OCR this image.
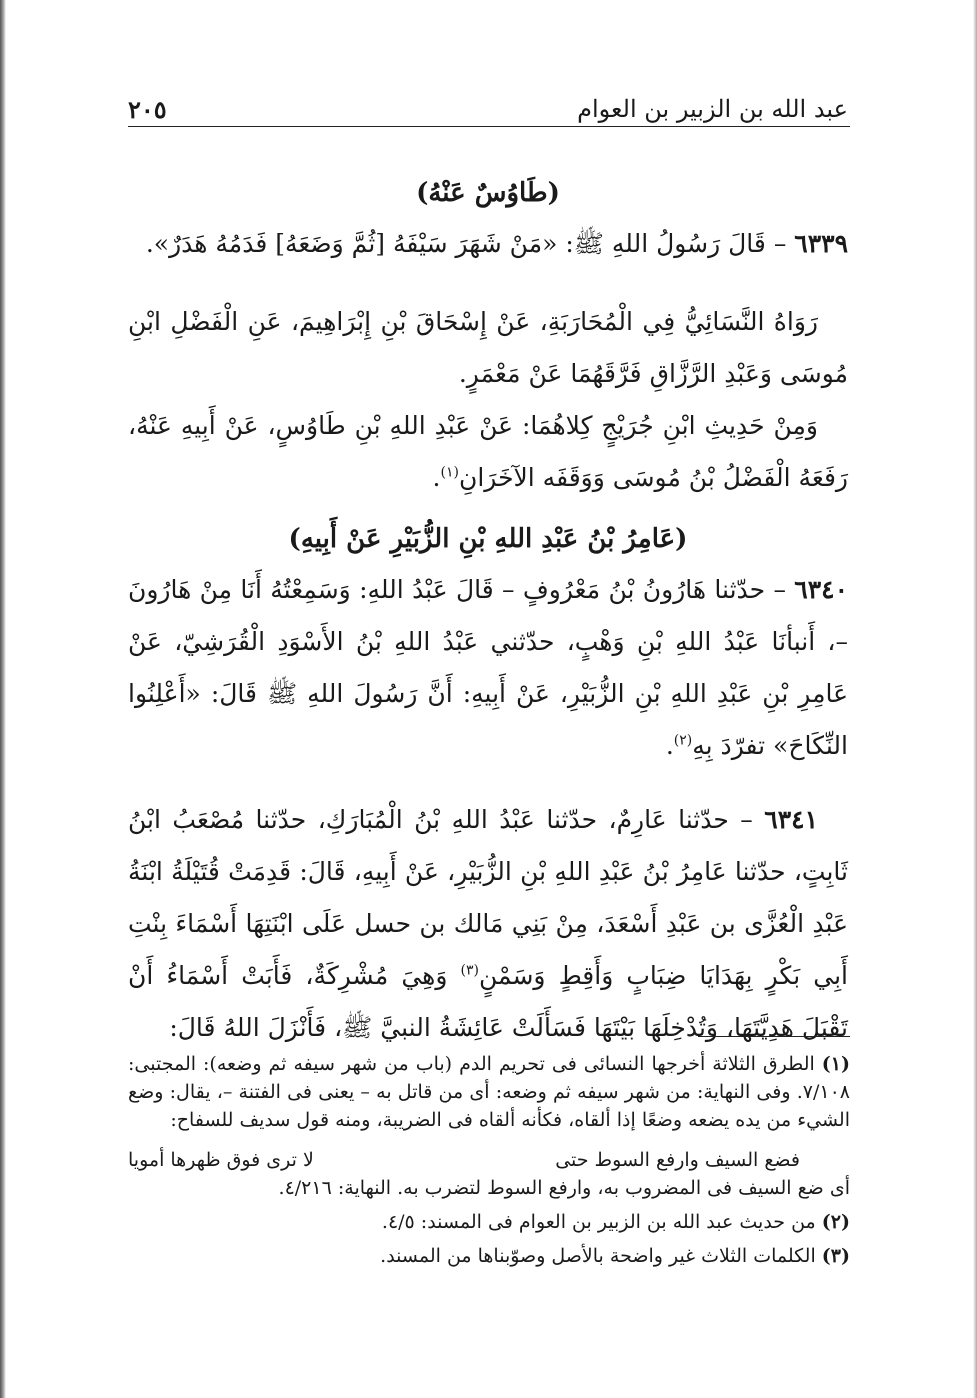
عبد الله بن الزبير بن العوام
٢٠٥
(طَاوُسٌ عَنْهُ)
٦٣٣٩ – قَالَ رَسُولُ اللهِ ﷺ: «مَنْ شَهَرَ سَيْفَهُ [ثُمَّ وَضَعَهُ] فَدَمُهُ هَدَرٌ».
رَوَاهُ النَّسَائِيُّ فِي الْمُحَارَبَةِ، عَنْ إِسْحَاقَ بْنِ إِبْرَاهِيمَ، عَنِ الْفَضْلِ ابْنِ مُوسَى وَعَبْدِ الرَّزَّاقِ فَرَّقَهُمَا عَنْ مَعْمَرٍ.
وَمِنْ حَدِيثِ ابْنِ جُرَيْجٍ كِلاهُمَا: عَنْ عَبْدِ اللهِ بْنِ طَاوُسٍ، عَنْ أَبِيهِ عَنْهُ، رَفَعَهُ الْفَضْلُ بْنُ مُوسَى وَوَقَفَه الآخَرَانِ$^{(١)}$.
(عَامِرُ بْنُ عَبْدِ اللهِ بْنِ الزُّبَيْرِ عَنْ أَبِيهِ)
٦٣٤٠ – حدّثنا هَارُونُ بْنُ مَعْرُوفٍ – قَالَ عَبْدُ اللهِ: وَسَمِعْتُهُ أَنَا مِنْ هَارُونَ –، أَنبأنَا عَبْدُ اللهِ بْنِ وَهْبٍ، حدّثني عَبْدُ اللهِ بْنُ الأَسْوَدِ الْقُرَشِيّ، عَنْ عَامِرِ بْنِ عَبْدِ اللهِ بْنِ الزُّبَيْرِ، عَنْ أَبِيهِ: أَنَّ رَسُولَ اللهِ ﷺ قَالَ: «أَعْلِنُوا النِّكَاحَ» تفرّدَ بِهِ$^{(٢)}$.
٦٣٤١ – حدّثنا عَارِمٌ، حدّثنا عَبْدُ اللهِ بْنُ الْمُبَارَكِ، حدّثنا مُصْعَبُ ابْنُ ثَابِتٍ، حدّثنا عَامِرُ بْنُ عَبْدِ اللهِ بْنِ الزُّبَيْرِ، عَنْ أَبِيهِ، قَالَ: قَدِمَتْ قُتَيْلَةُ ابْنَةُ عَبْدِ الْعُزَّى بن عَبْدِ أَسْعَدَ، مِنْ بَنِي مَالك بن حسل عَلَى ابْنَتِهَا أَسْمَاءَ بِنْتِ أَبِي بَكْرٍ بِهَدَايَا ضِبَابٍ وَأَقِطٍ وَسَمْنٍ$^{(٣)}$ وَهِيَ مُشْرِكَةٌ، فَأَبَتْ أَسْمَاءُ أَنْ تَقْبَلَ هَدِيَّتَهَا، وَتُدْخِلَهَا بَيْتَهَا فَسَأَلَتْ عَائِشَةُ النبيَّ ﷺ، فَأَنْزَلَ اللهُ قَالَ:
(١) الطرق الثلاثة أخرجها النسائى فى تحريم الدم (باب من شهر سيفه ثم وضعه): المجتبى: ٧/١٠٨. وفى النهاية: من شهر سيفه ثم وضعه: أى من قاتل به – يعنى فى الفتنة –، يقال: وضع الشيء من يده يضعه وضعًا إذا ألقاه، فكأنه ألقاه فى الضريبة، ومنه قول سديف للسفاح:
فضع السيف وارفع السوط حتى
لا ترى فوق ظهرها أمويا
أى ضع السيف فى المضروب به، وارفع السوط لتضرب به. النهاية: ٤/٢١٦.
(٢) من حديث عبد الله بن الزبير بن العوام فى المسند: ٤/٥.
(٣) الكلمات الثلاث غير واضحة بالأصل وصوّبناها من المسند.
